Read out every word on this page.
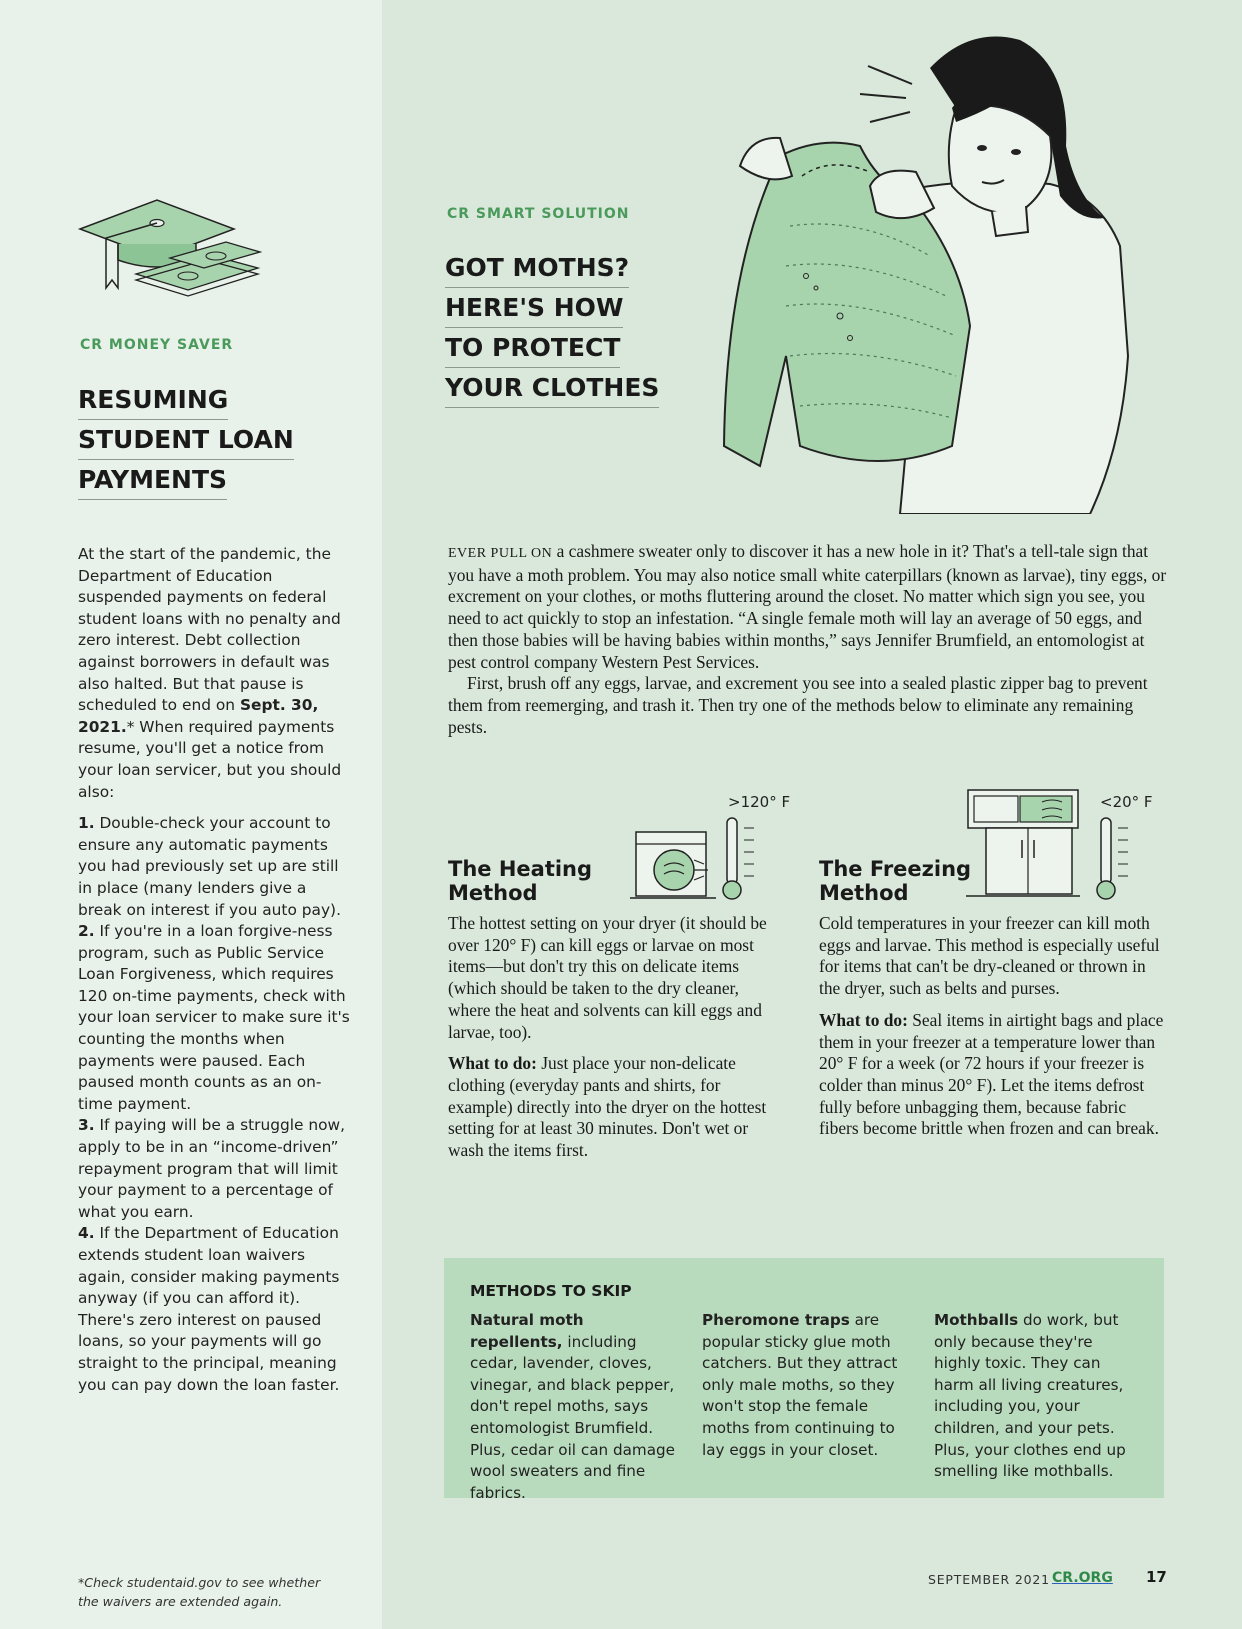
CR MONEY SAVER
RESUMING
STUDENT LOAN
PAYMENTS

At the start of the pandemic, the Department of Education suspended payments on federal student loans with no penalty and zero interest. Debt collection against borrowers in default was also halted. But that pause is scheduled to end on Sept. 30, 2021.* When required payments resume, you'll get a notice from your loan servicer, but you should also:

1. Double-check your account to ensure any automatic payments you had previously set up are still in place (many lenders give a break on interest if you auto pay).

2. If you're in a loan forgive-ness program, such as Public Service Loan Forgiveness, which requires 120 on-time payments, check with your loan servicer to make sure it's counting the months when payments were paused. Each paused month counts as an on-time payment.

3. If paying will be a struggle now, apply to be in an “income-driven” repayment program that will limit your payment to a percentage of what you earn.

4. If the Department of Education extends student loan waivers again, consider making payments anyway (if you can afford it). There's zero interest on paused loans, so your payments will go straight to the principal, meaning you can pay down the loan faster.

*Check studentaid.gov to see whether the waivers are extended again.
CR SMART SOLUTION
GOT MOTHS?
HERE'S HOW
TO PROTECT
YOUR CLOTHES

EVER PULL ON a cashmere sweater only to discover it has a new hole in it? That's a tell-tale sign that you have a moth problem. You may also notice small white caterpillars (known as larvae), tiny eggs, or excrement on your clothes, or moths fluttering around the closet. No matter which sign you see, you need to act quickly to stop an infestation. “A single female moth will lay an average of 50 eggs, and then those babies will be having babies within months,” says Jennifer Brumfield, an entomologist at pest control company Western Pest Services.

First, brush off any eggs, larvae, and excrement you see into a sealed plastic zipper bag to prevent them from reemerging, and trash it. Then try one of the methods below to eliminate any remaining pests.

>120° F
The Heating
Method

The hottest setting on your dryer (it should be over 120° F) can kill eggs or larvae on most items—but don't try this on delicate items (which should be taken to the dry cleaner, where the heat and solvents can kill eggs and larvae, too).

What to do: Just place your non-delicate clothing (everyday pants and shirts, for example) directly into the dryer on the hottest setting for at least 30 minutes. Don't wet or wash the items first.

<20° F
The Freezing
Method

Cold temperatures in your freezer can kill moth eggs and larvae. This method is especially useful for items that can't be dry-cleaned or thrown in the dryer, such as belts and purses.

What to do: Seal items in airtight bags and place them in your freezer at a temperature lower than 20° F for a week (or 72 hours if your freezer is colder than minus 20° F). Let the items defrost fully before unbagging them, because fabric fibers become brittle when frozen and can break.

METHODS TO SKIP
Natural moth repellents, including cedar, lavender, cloves, vinegar, and black pepper, don't repel moths, says entomologist Brumfield. Plus, cedar oil can damage wool sweaters and fine fabrics.
Pheromone traps are popular sticky glue moth catchers. But they attract only male moths, so they won't stop the female moths from continuing to lay eggs in your closet.
Mothballs do work, but only because they're highly toxic. They can harm all living creatures, including you, your children, and your pets. Plus, your clothes end up smelling like mothballs.
SEPTEMBER 2021 CR.ORG 17
